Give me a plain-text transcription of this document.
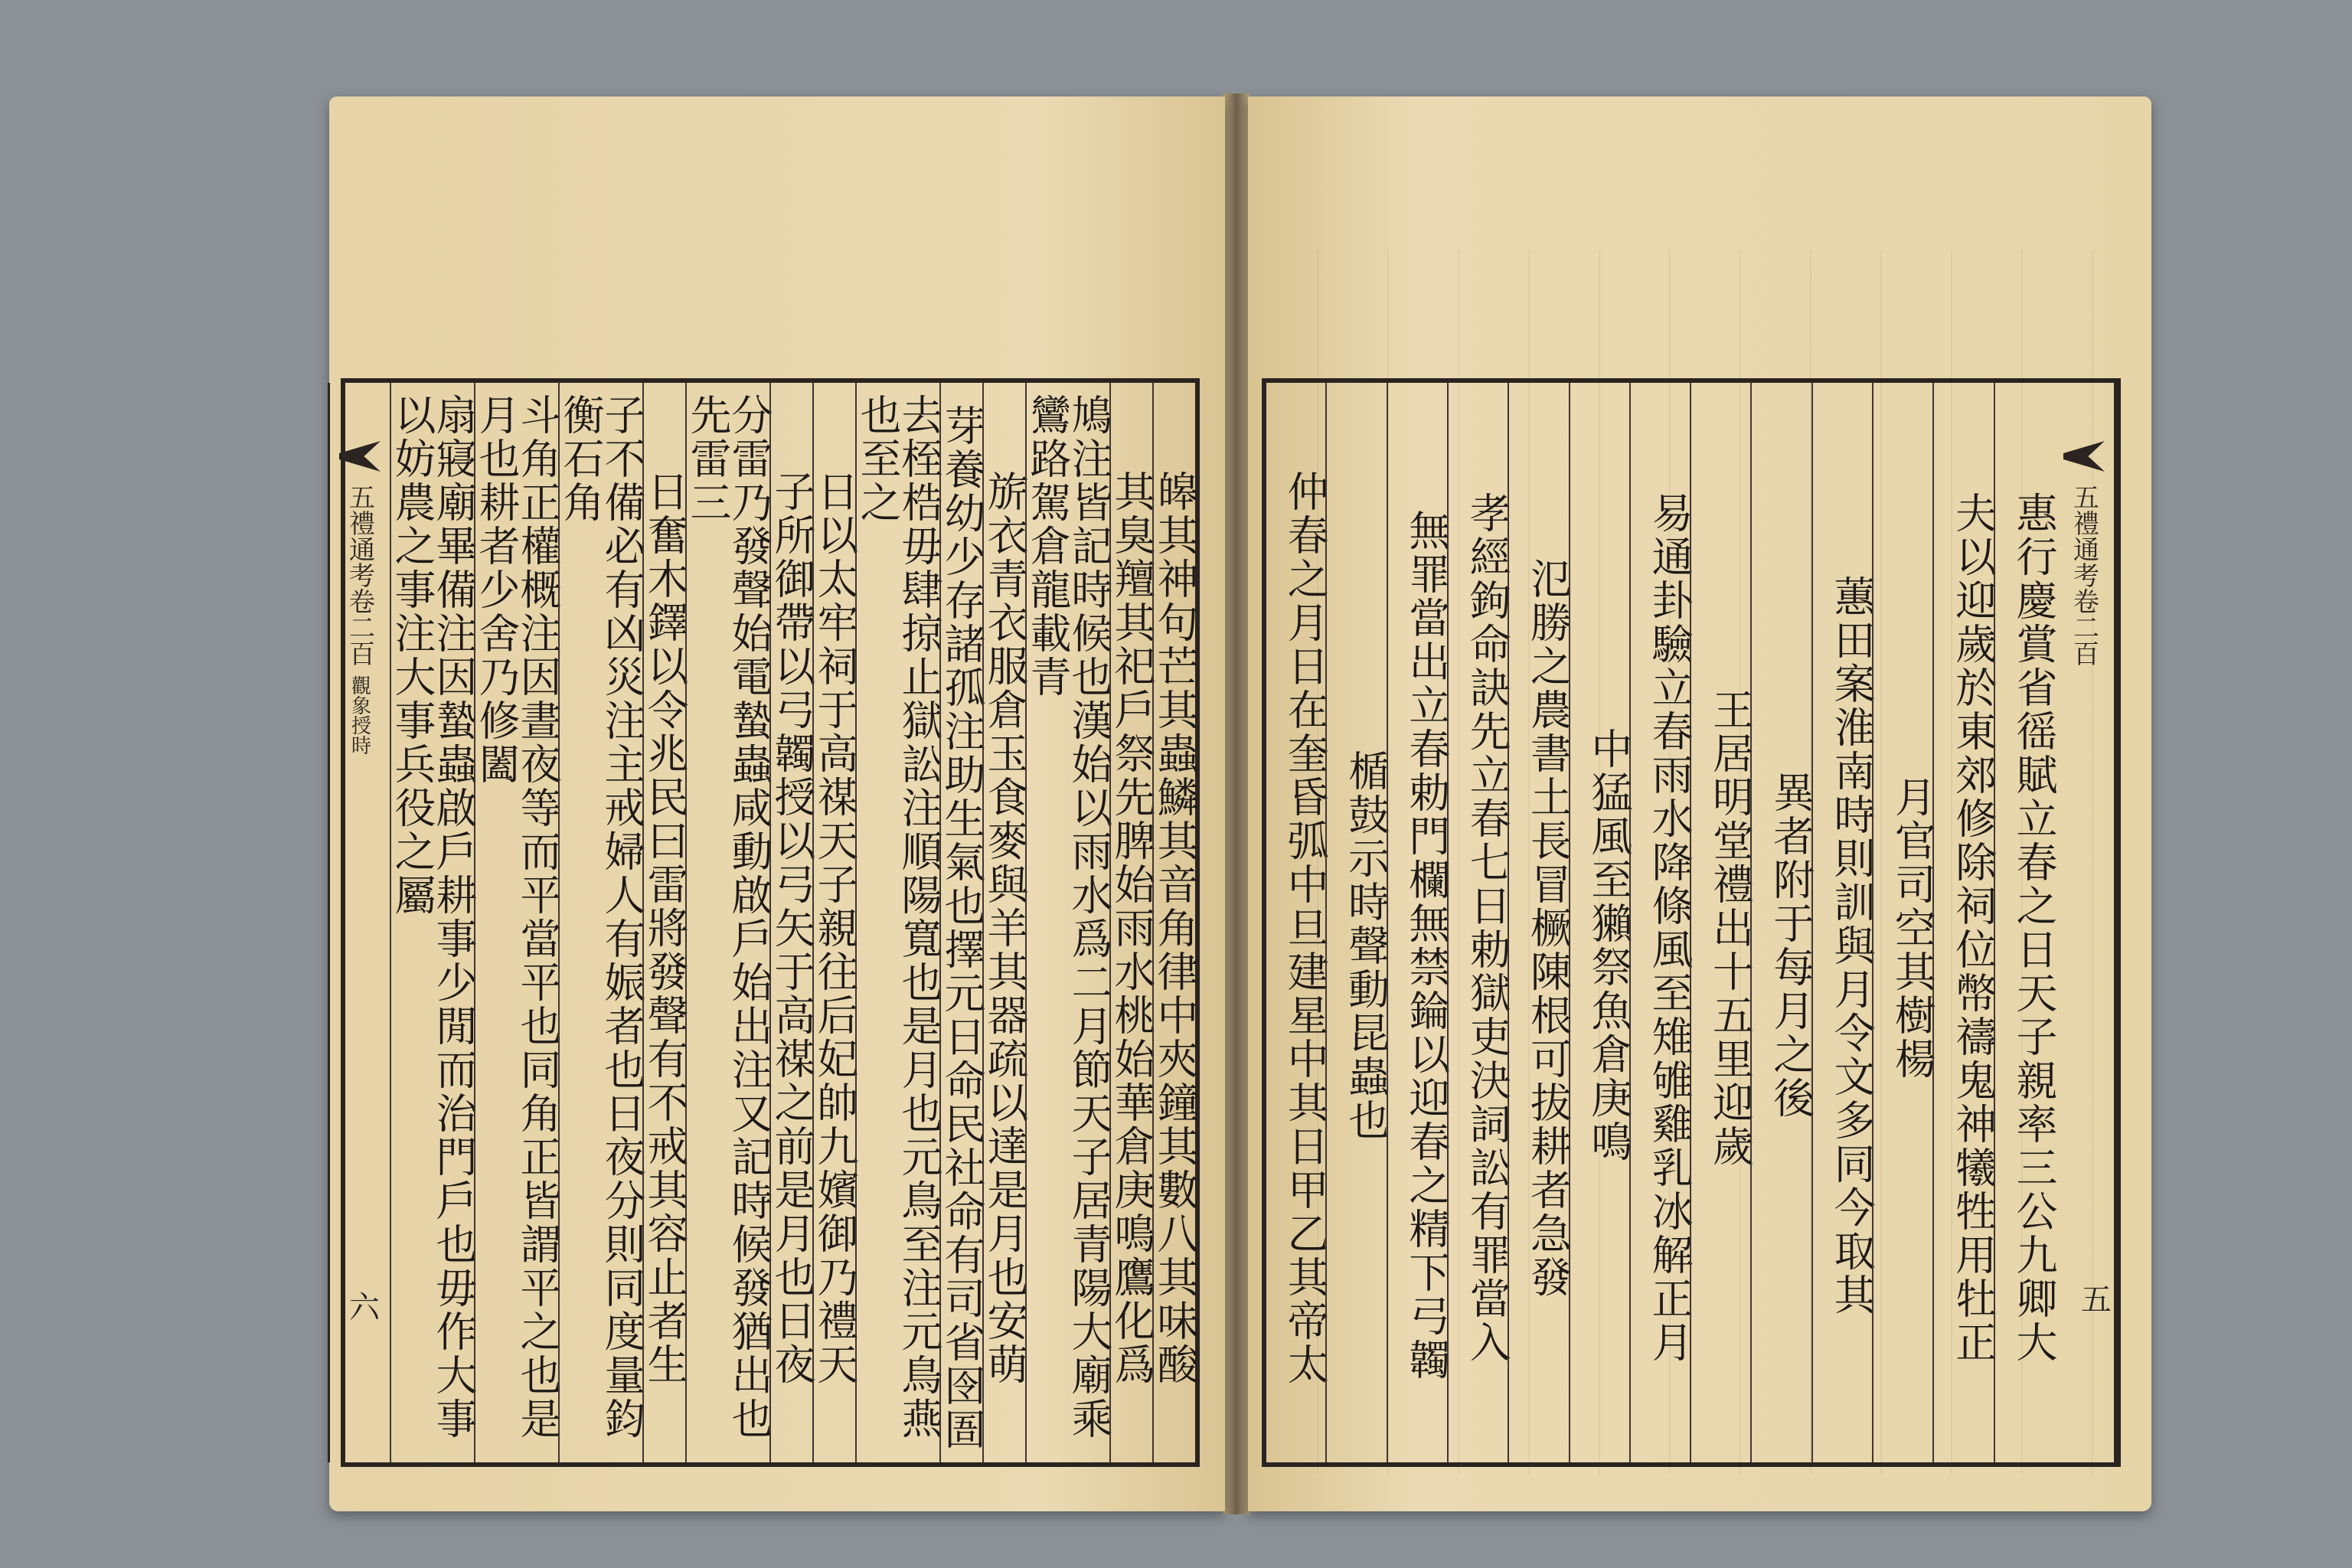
皞其神句芒其蟲鱗其音角律中夾鐘其數八其味酸
其臭羶其祀戶祭先脾始雨水桃始華倉庚鳴鷹化爲
鳩注皆記時候也漢始以雨水爲二月節天子居青陽大廟乘鸞路駕倉龍載青
旂衣青衣服倉玉食麥與羊其器疏以達是月也安萌
芽養幼少存諸孤注助生氣也擇元日命民社命有司省囹圄
去桎梏毋肆掠止獄訟注順陽寬也是月也元鳥至注元鳥燕也至之
日以太牢祠于高禖天子親往后妃帥九嬪御乃禮天
子所御帶以弓韣授以弓矢于高禖之前是月也日夜
分雷乃發聲始電蟄蟲咸動啟戶始出注又記時候發猶出也先雷三
日奮木鐸以令兆民曰雷將發聲有不戒其容止者生
子不備必有凶災注主戒婦人有娠者也日夜分則同度量鈞衡石角
斗角正權概注因晝夜等而平當平也同角正皆謂平之也是月也耕者少舍乃修闔
扇寢廟畢備注因蟄蟲啟戶耕事少閒而治門戶也毋作大事以妨農之事注大事兵役之屬
五禮通考卷二百
觀象授時
六
五禮通考卷二百
惠行慶賞省徭賦立春之日天子親率三公九卿大
夫以迎歲於東郊修除祠位幣禱鬼神犧牲用牡正
月官司空其樹楊
蕙田案淮南時則訓與月令文多同今取其
異者附于每月之後
王居明堂禮出十五里迎歲
易通卦驗立春雨水降條風至雉雊雞乳冰解正月
中猛風至獺祭魚倉庚鳴
氾勝之農書土長冒橛陳根可拔耕者急發
孝經鉤命訣先立春七日勅獄吏決詞訟有罪當入
無罪當出立春勅門欄無禁錀以迎春之精下弓韣
楯鼓示時聲動昆蟲也
仲春之月日在奎昏弧中旦建星中其日甲乙其帝太	五
